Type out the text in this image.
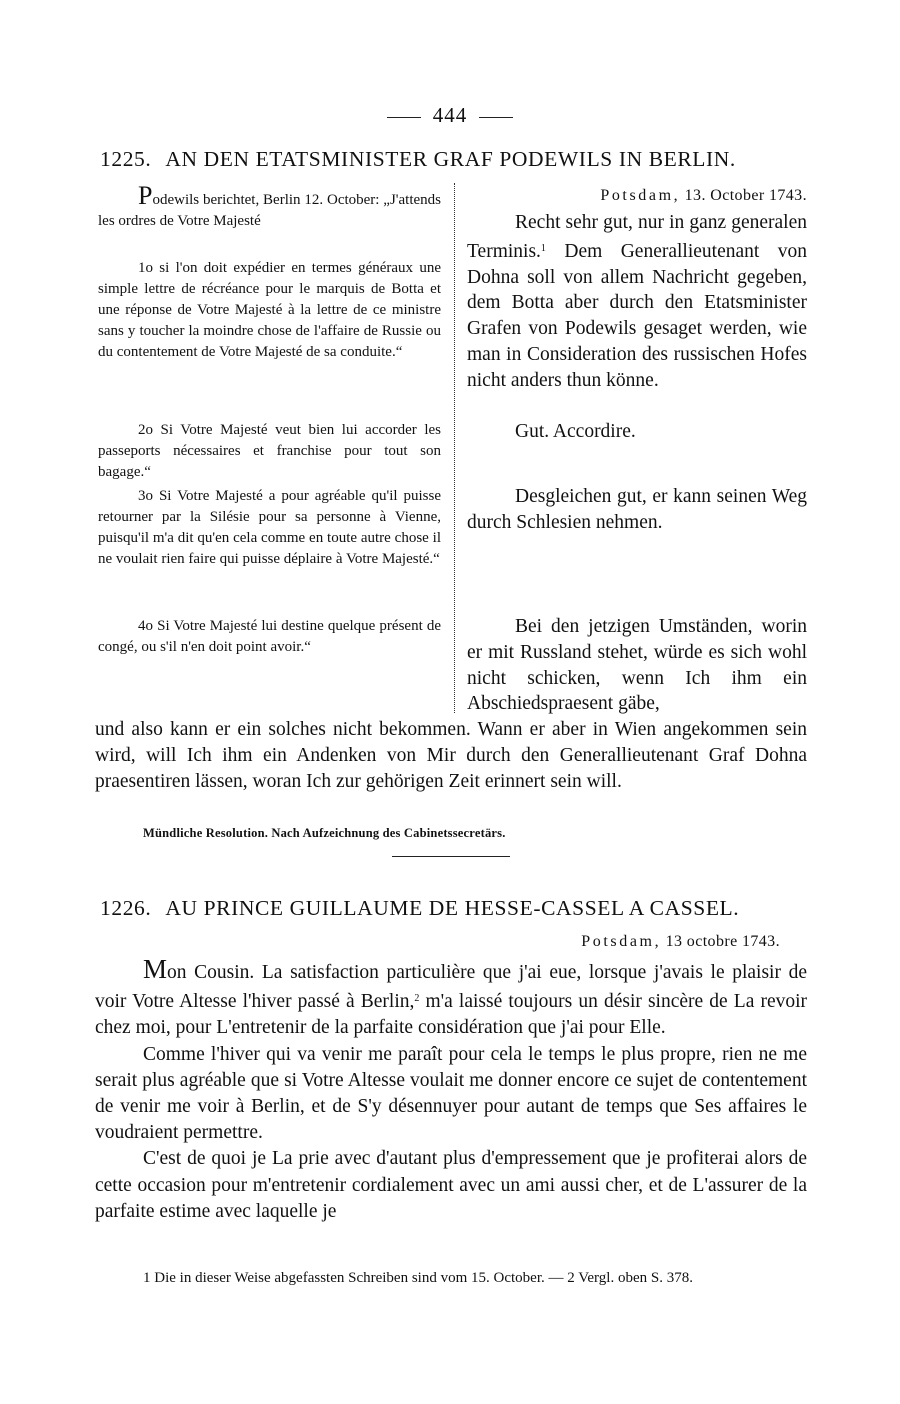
444
1225. AN DEN ETATSMINISTER GRAF PODEWILS IN BERLIN.

Podewils berichtet, Berlin 12. October: „J'attends les ordres de Votre Majesté

1o si l'on doit expédier en termes généraux une simple lettre de récréance pour le marquis de Botta et une réponse de Votre Majesté à la lettre de ce ministre sans y toucher la moindre chose de l'affaire de Russie ou du contentement de Votre Majesté de sa conduite.“

2o Si Votre Majesté veut bien lui accorder les passeports nécessaires et franchise pour tout son bagage.“

3o Si Votre Majesté a pour agréable qu'il puisse retourner par la Silésie pour sa personne à Vienne, puisqu'il m'a dit qu'en cela comme en toute autre chose il ne voulait rien faire qui puisse déplaire à Votre Majesté.“

4o Si Votre Majesté lui destine quelque présent de congé, ou s'il n'en doit point avoir.“

Potsdam, 13. October 1743.

Recht sehr gut, nur in ganz generalen Terminis.$^1$ Dem Generallieutenant von Dohna soll von allem Nachricht gegeben, dem Botta aber durch den Etatsminister Grafen von Podewils gesaget werden, wie man in Consideration des russischen Hofes nicht anders thun könne.

Gut. Accordire.

Desgleichen gut, er kann seinen Weg durch Schlesien nehmen.

Bei den jetzigen Umständen, worin er mit Russland stehet, würde es sich wohl nicht schicken, wenn Ich ihm ein Abschiedspraesent gäbe,

und also kann er ein solches nicht bekommen. Wann er aber in Wien angekommen sein wird, will Ich ihm ein Andenken von Mir durch den Generallieutenant Graf Dohna praesentiren lässen, woran Ich zur gehörigen Zeit erinnert sein will.

Mündliche Resolution. Nach Aufzeichnung des Cabinetssecretärs.
1226. AU PRINCE GUILLAUME DE HESSE-CASSEL A CASSEL.
Potsdam, 13 octobre 1743.

Mon Cousin. La satisfaction particulière que j'ai eue, lorsque j'avais le plaisir de voir Votre Altesse l'hiver passé à Berlin,$^2$ m'a laissé toujours un désir sincère de La revoir chez moi, pour L'entretenir de la parfaite considération que j'ai pour Elle.

Comme l'hiver qui va venir me paraît pour cela le temps le plus propre, rien ne me serait plus agréable que si Votre Altesse voulait me donner encore ce sujet de contentement de venir me voir à Berlin, et de S'y désennuyer pour autant de temps que Ses affaires le voudraient permettre.

C'est de quoi je La prie avec d'autant plus d'empressement que je profiterai alors de cette occasion pour m'entretenir cordialement avec un ami aussi cher, et de L'assurer de la parfaite estime avec laquelle je

1 Die in dieser Weise abgefassten Schreiben sind vom 15. October. — 2 Vergl. oben S. 378.
